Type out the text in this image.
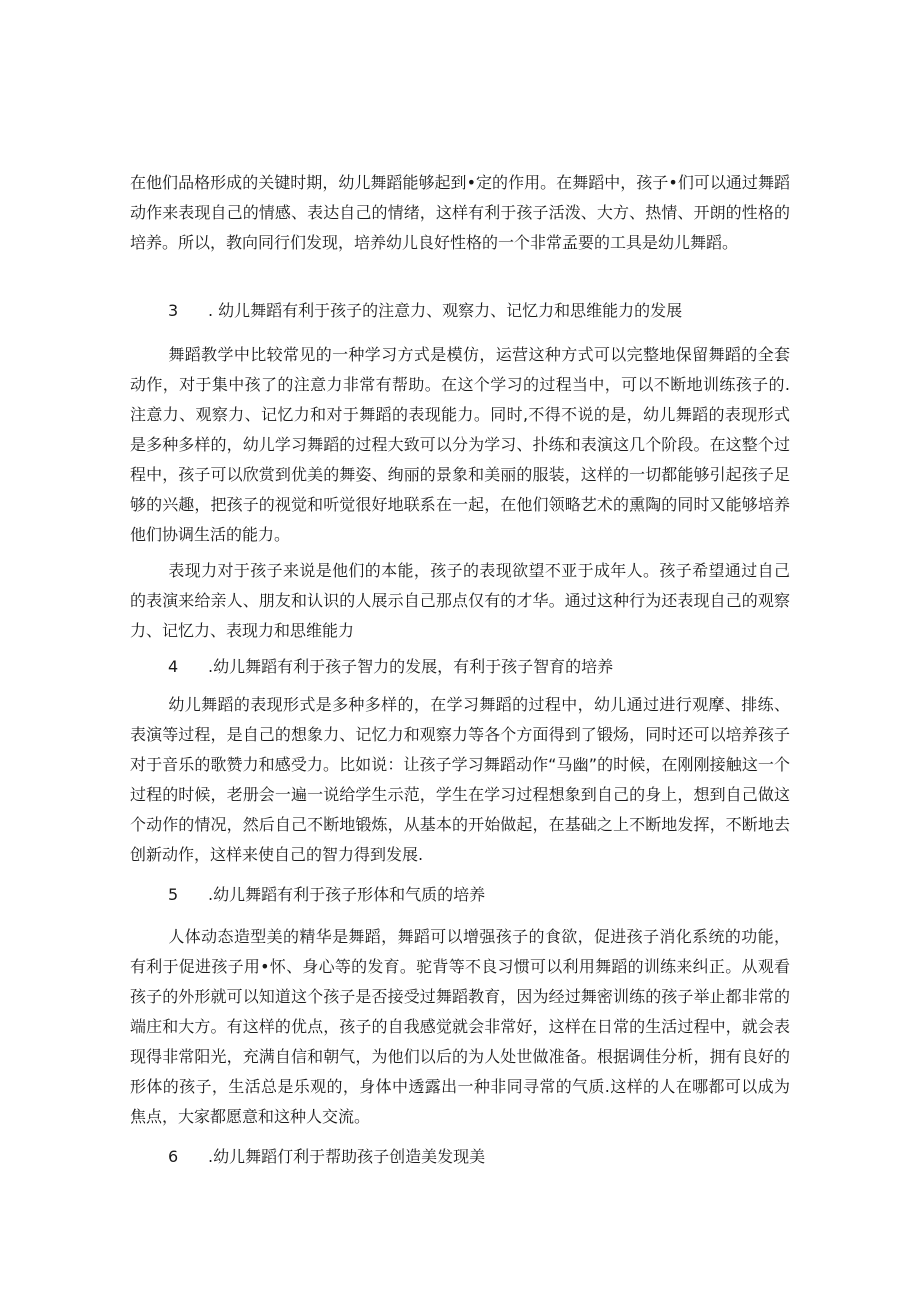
在他们品格形成的关键时期，幼儿舞蹈能够起到•定的作用。在舞蹈中，孩子•们可以通过舞蹈动作来表现自己的情感、表达自己的情绪，这样有利于孩子活泼、大方、热情、开朗的性格的培养。所以，教向同行们发现，培养幼儿良好性格的一个非常孟要的工具是幼儿舞蹈。

3 . 幼儿舞蹈有利于孩子的注意力、观察力、记忆力和思维能力的发展

舞蹈教学中比较常见的一种学习方式是模仿，运营这种方式可以完整地保留舞蹈的全套动作，对于集中孩了的注意力非常有帮助。在这个学习的过程当中，可以不断地训练孩子的.注意力、观察力、记忆力和对于舞蹈的表现能力。同时,不得不说的是，幼儿舞蹈的表现形式是多种多样的，幼儿学习舞蹈的过程大致可以分为学习、扑练和表演这几个阶段。在这整个过程中，孩子可以欣赏到优美的舞姿、绚丽的景象和美丽的服装，这样的一切都能够引起孩子足够的兴趣，把孩子的视觉和听觉很好地联系在一起，在他们领略艺术的熏陶的同时又能够培养他们协调生活的能力。

表现力对于孩子来说是他们的本能，孩子的表现欲望不亚于成年人。孩子希望通过自己的表演来给亲人、朋友和认识的人展示自己那点仅有的才华。通过这种行为还表现自己的观察力、记忆力、表现力和思维能力

4 .幼儿舞蹈有利于孩子智力的发展，有利于孩子智育的培养

幼儿舞蹈的表现形式是多种多样的，在学习舞蹈的过程中，幼儿通过进行观摩、排练、表演等过程，是自己的想象力、记忆力和观察力等各个方面得到了锻炀，同时还可以培养孩子对于音乐的歌赞力和感受力。比如说：让孩子学习舞蹈动作“马幽”的时候，在刚刚接触这一个过程的时候，老册会一遍一说给学生示范，学生在学习过程想象到自己的身上，想到自己做这个动作的情况，然后自己不断地锻炼，从基本的开始做起，在基础之上不断地发挥，不断地去创新动作，这样来使自己的智力得到发展.

5 .幼儿舞蹈有利于孩子形体和气质的培养

人体动态造型美的精华是舞蹈，舞蹈可以增强孩子的食欲，促进孩子消化系统的功能，有利于促进孩子用•怀、身心等的发育。驼背等不良习惯可以利用舞蹈的训练来纠正。从观看孩子的外形就可以知道这个孩子是否接受过舞蹈教育，因为经过舞密训练的孩子举止都非常的端庄和大方。有这样的优点，孩子的自我感觉就会非常好，这样在日常的生活过程中，就会表现得非常阳光，充满自信和朝气，为他们以后的为人处世做准备。根据调佳分析，拥有良好的形体的孩子，生活总是乐观的，身体中透露出一种非同寻常的气质.这样的人在哪都可以成为焦点，大家都愿意和这种人交流。

6 .幼儿舞蹈仃利于帮助孩子创造美发现美
